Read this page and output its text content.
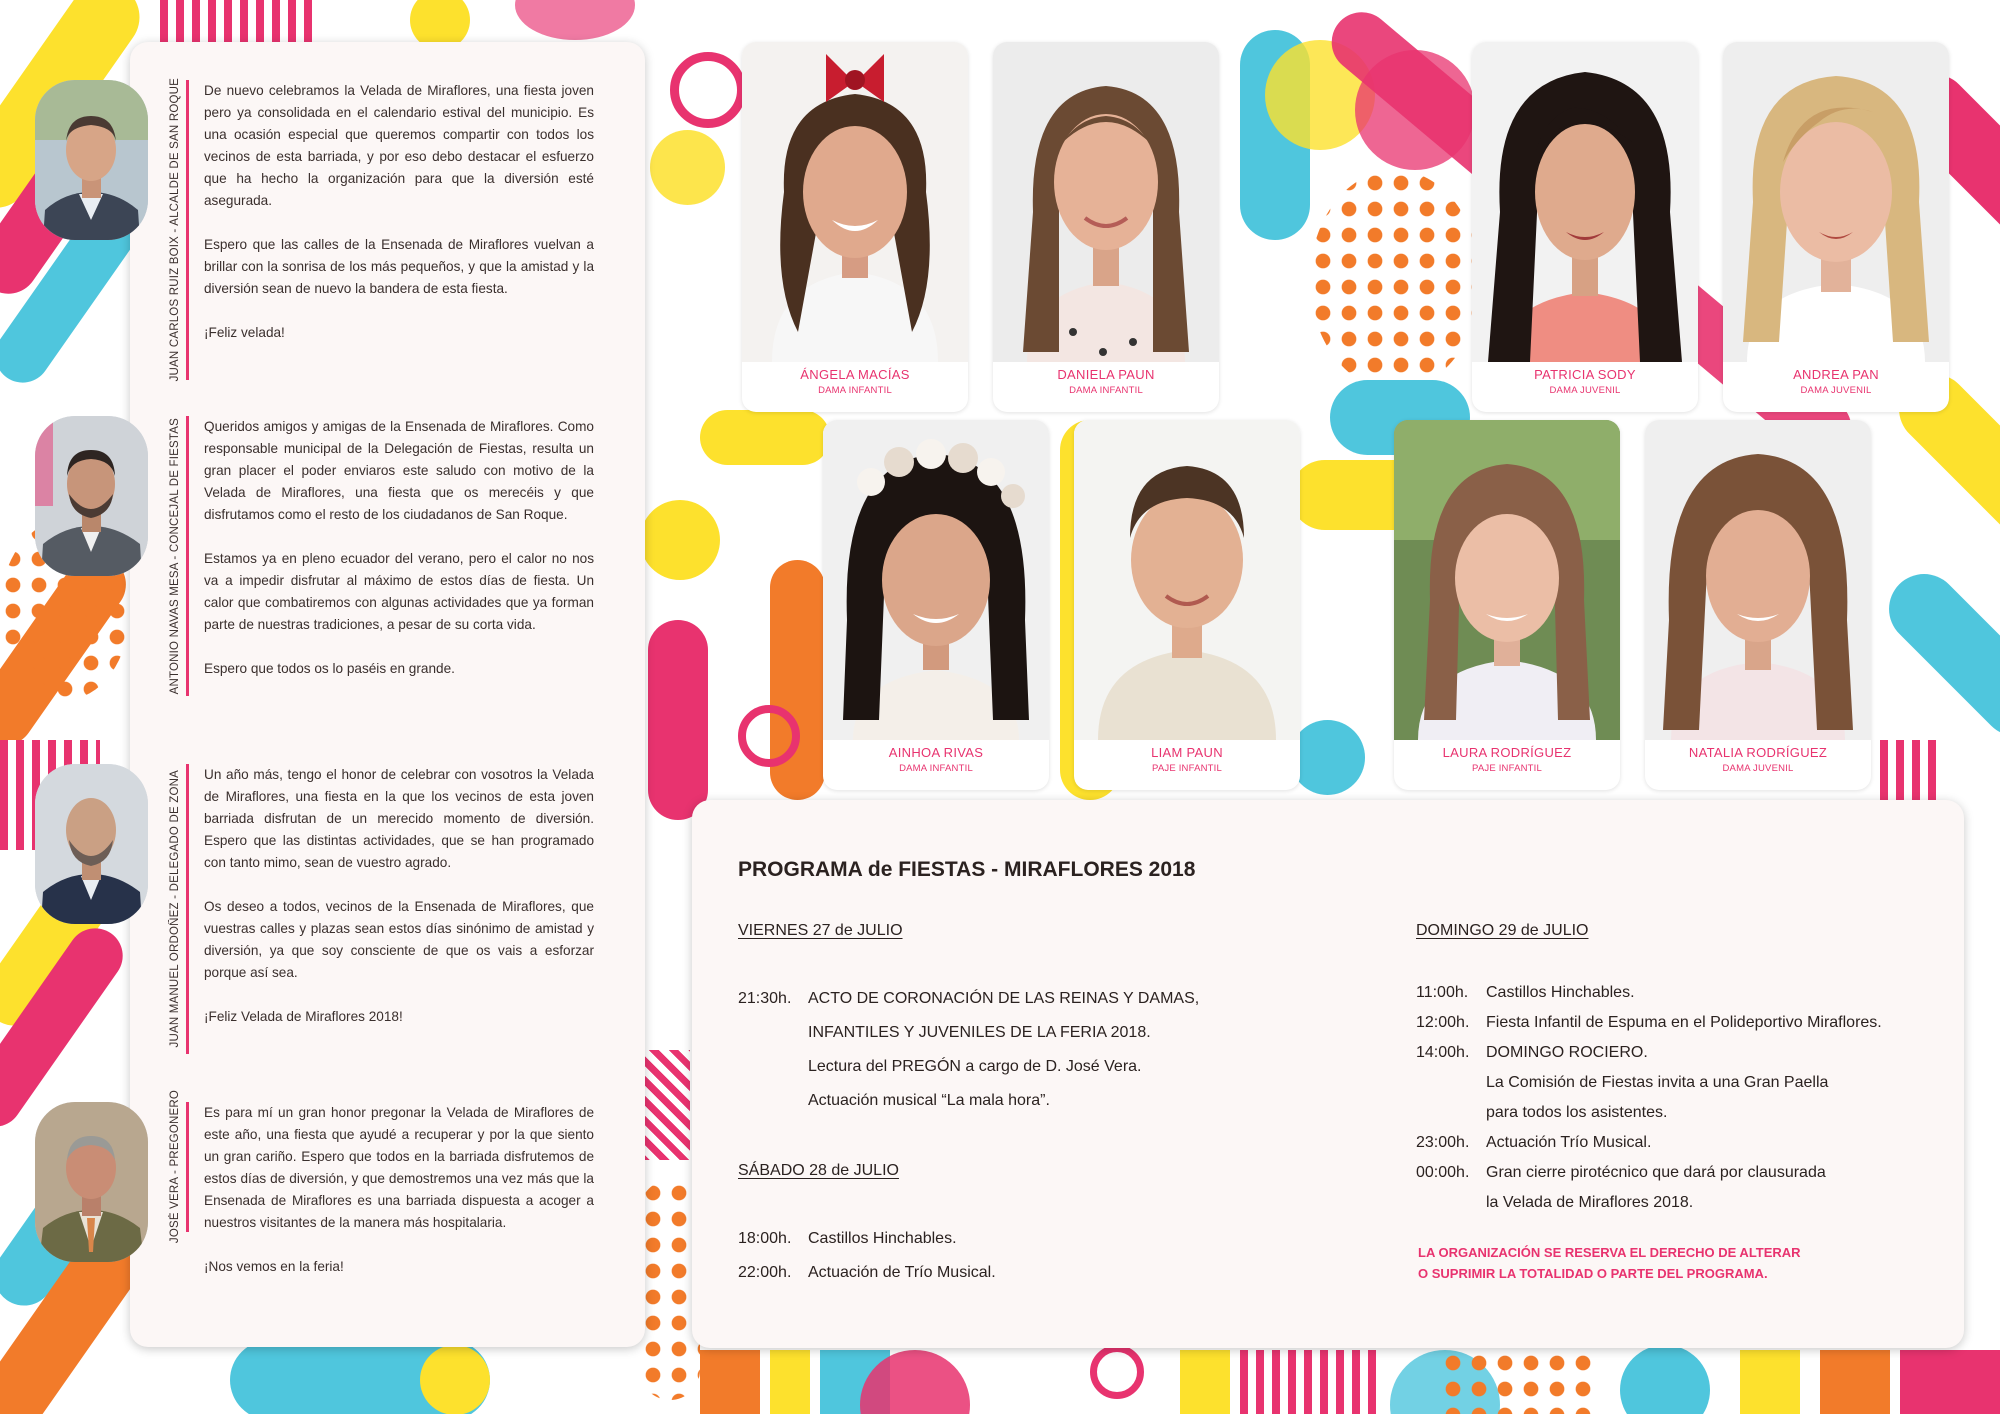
JUAN CARLOS RUIZ BOIX - ALCALDE DE SAN ROQUE De nuevo celebramos la Velada de Miraflores, una fiesta joven pero ya consolidada en el calendario estival del municipio. Es una ocasión especial que queremos compartir con todos los vecinos de esta barriada, y por eso debo destacar el esfuerzo que ha hecho la organización para que la diversión esté asegurada.

Espero que las calles de la Ensenada de Miraflores vuelvan a brillar con la sonrisa de los más pequeños, y que la amistad y la diversión sean de nuevo la bandera de esta fiesta.

¡Feliz velada!

ANTONIO NAVAS MESA - CONCEJAL DE FIESTAS Queridos amigos y amigas de la Ensenada de Miraflores. Como responsable municipal de la Delegación de Fiestas, resulta un gran placer el poder enviaros este saludo con motivo de la Velada de Miraflores, una fiesta que os merecéis y que disfrutamos como el resto de los ciudadanos de San Roque.

Estamos ya en pleno ecuador del verano, pero el calor no nos va a impedir disfrutar al máximo de estos días de fiesta. Un calor que combatiremos con algunas actividades que ya forman parte de nuestras tradiciones, a pesar de su corta vida.

Espero que todos os lo paséis en grande.

JUAN MANUEL ORDOÑEZ - DELEGADO DE ZONA Un año más, tengo el honor de celebrar con vosotros la Velada de Miraflores, una fiesta en la que los vecinos de esta joven barriada disfrutan de un merecido momento de diversión. Espero que las distintas actividades, que se han programado con tanto mimo, sean de vuestro agrado.

Os deseo a todos, vecinos de la Ensenada de Miraflores, que vuestras calles y plazas sean estos días sinónimo de amistad y diversión, ya que soy consciente de que os vais a esforzar porque así sea.

¡Feliz Velada de Miraflores 2018!

JOSÉ VERA - PREGONERO Es para mí un gran honor pregonar la Velada de Miraflores de este año, una fiesta que ayudé a recuperar y por la que siento un gran cariño. Espero que todos en la barriada disfrutemos de estos días de diversión, y que demostremos una vez más que la Ensenada de Miraflores es una barriada dispuesta a acoger a nuestros visitantes de la manera más hospitalaria.

¡Nos vemos en la feria!

ÁNGELA MACÍAS
DAMA INFANTIL
DANIELA PAUN
DAMA INFANTIL
PATRICIA SODY
DAMA JUVENIL
ANDREA PAN
DAMA JUVENIL
AINHOA RIVAS
DAMA INFANTIL
LIAM PAUN
PAJE INFANTIL
LAURA RODRÍGUEZ
PAJE INFANTIL
NATALIA RODRÍGUEZ
DAMA JUVENIL
PROGRAMA de FIESTAS - MIRAFLORES 2018
VIERNES 27 de JULIO
21:30h.	ACTO DE CORONACIÓN DE LAS REINAS Y DAMAS,
INFANTILES Y JUVENILES DE LA FERIA 2018.
Lectura del PREGÓN a cargo de D. José Vera.
Actuación musical “La mala hora”.
SÁBADO 28 de JULIO
18:00h.	Castillos Hinchables.
22:00h.	Actuación de Trío Musical.
DOMINGO 29 de JULIO
11:00h.	Castillos Hinchables.
12:00h.	Fiesta Infantil de Espuma en el Polideportivo Miraflores.
14:00h.	DOMINGO ROCIERO.
La Comisión de Fiestas invita a una Gran Paella
para todos los asistentes.
23:00h.	Actuación Trío Musical.
00:00h.	Gran cierre pirotécnico que dará por clausurada
la Velada de Miraflores 2018.
LA ORGANIZACIÓN SE RESERVA EL DERECHO DE ALTERAR
O SUPRIMIR LA TOTALIDAD O PARTE DEL PROGRAMA.
